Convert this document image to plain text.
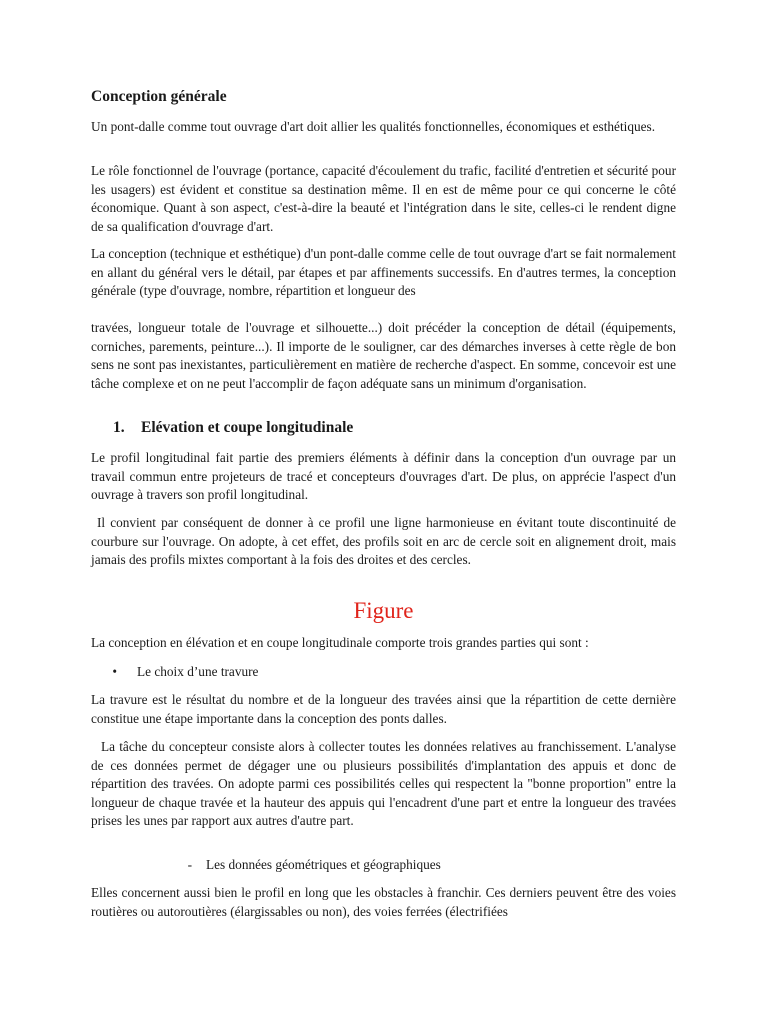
Conception générale

Un pont-dalle comme tout ouvrage d'art doit allier les qualités fonctionnelles, économiques et esthétiques.

Le rôle fonctionnel de l'ouvrage (portance, capacité d'écoulement du trafic, facilité d'entretien et sécurité pour les usagers) est évident et constitue sa destination même. Il en est de même pour ce qui concerne le côté économique. Quant à son aspect, c'est-à-dire la beauté et l'intégration dans le site, celles-ci le rendent digne de sa qualification d'ouvrage d'art.

La conception (technique et esthétique) d'un pont-dalle comme celle de tout ouvrage d'art se fait normalement en allant du général vers le détail, par étapes et par affinements successifs. En d'autres termes, la conception générale (type d'ouvrage, nombre, répartition et longueur des

travées, longueur totale de l'ouvrage et silhouette...) doit précéder la conception de détail (équipements, corniches, parements, peinture...). Il importe de le souligner, car des démarches inverses à cette règle de bon sens ne sont pas inexistantes, particulièrement en matière de recherche d'aspect. En somme, concevoir est une tâche complexe et on ne peut l'accomplir de façon adéquate sans un minimum d'organisation.

1.	Elévation et coupe longitudinale

Le profil longitudinal fait partie des premiers éléments à définir dans la conception d'un ouvrage par un travail commun entre projeteurs de tracé et concepteurs d'ouvrages d'art. De plus, on apprécie l'aspect d'un ouvrage à travers son profil longitudinal.

Il convient par conséquent de donner à ce profil une ligne harmonieuse en évitant toute discontinuité de courbure sur l'ouvrage. On adopte, à cet effet, des profils soit en arc de cercle soit en alignement droit, mais jamais des profils mixtes comportant à la fois des droites et des cercles.

Figure

La conception en élévation et en coupe longitudinale comporte trois grandes parties qui sont :

•	Le choix d’une travure

La travure est le résultat du nombre et de la longueur des travées ainsi que la répartition de cette dernière constitue une étape importante dans la conception des ponts dalles.

La tâche du concepteur consiste alors à collecter toutes les données relatives au franchissement. L'analyse de ces données permet de dégager une ou plusieurs possibilités d'implantation des appuis et donc de répartition des travées. On adopte parmi ces possibilités celles qui respectent la "bonne proportion" entre la longueur de chaque travée et la hauteur des appuis qui l'encadrent d'une part et entre la longueur des travées prises les unes par rapport aux autres d'autre part.

-	Les données géométriques et géographiques

Elles concernent aussi bien le profil en long que les obstacles à franchir. Ces derniers peuvent être des voies routières ou autoroutières (élargissables ou non), des voies ferrées (électrifiées
